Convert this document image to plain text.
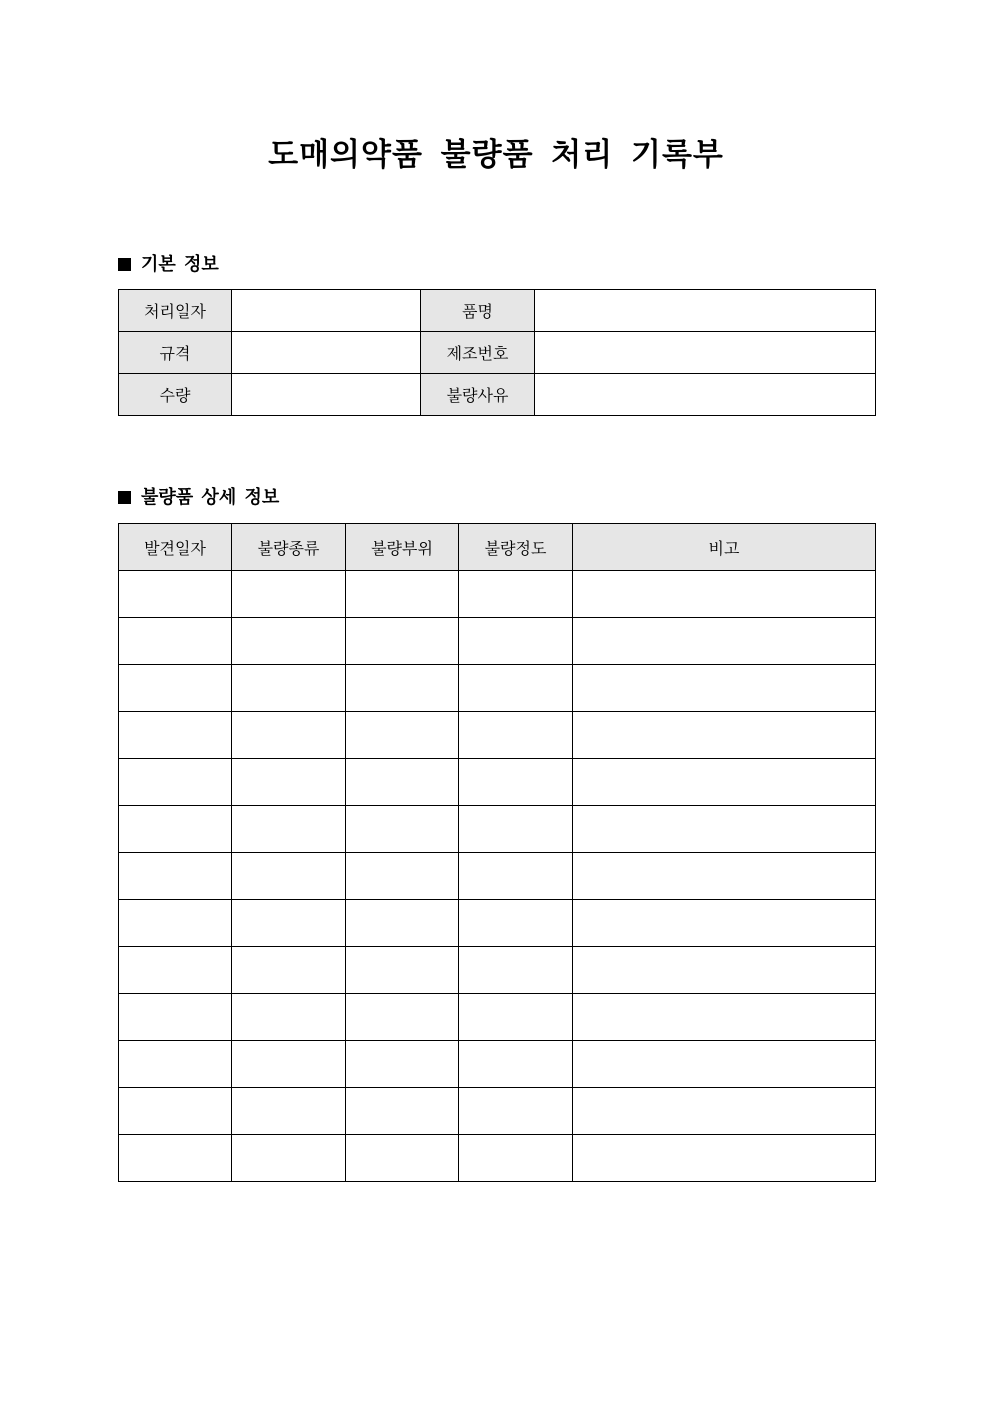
도매의약품 불량품 처리 기록부
기본 정보
처리일자		품명	
규격		제조번호	
수량		불량사유	
불량품 상세 정보
발견일자	불량종류	불량부위	불량정도	비고
